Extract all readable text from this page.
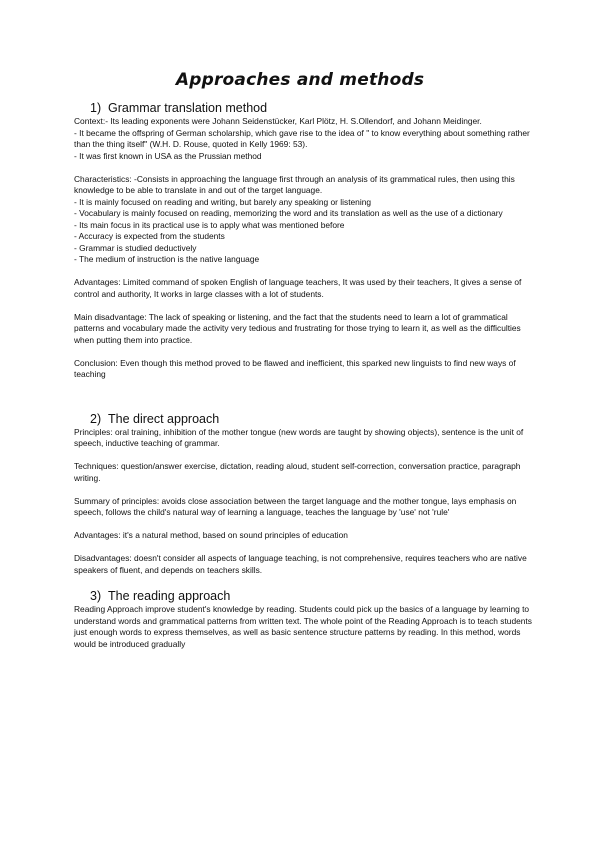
Approaches and methods
1) Grammar translation method

Context:- Its leading exponents were Johann Seidenstücker, Karl Plötz, H. S.Ollendorf, and Johann Meidinger.

- It became the offspring of German scholarship, which gave rise to the idea of " to know everything about something rather than the thing itself" (W.H. D. Rouse, quoted in Kelly 1969: 53).

- It was first known in USA as the Prussian method

Characteristics: -Consists in approaching the language first through an analysis of its grammatical rules, then using this knowledge to be able to translate in and out of the target language.

- It is mainly focused on reading and writing, but barely any speaking or listening

- Vocabulary is mainly focused on reading, memorizing the word and its translation as well as the use of a dictionary

- Its main focus in its practical use is to apply what was mentioned before

- Accuracy is expected from the students

- Grammar is studied deductively

- The medium of instruction is the native language

Advantages: Limited command of spoken English of language teachers, It was used by their teachers, It gives a sense of control and authority, It works in large classes with a lot of students.

Main disadvantage: The lack of speaking or listening, and the fact that the students need to learn a lot of grammatical patterns and vocabulary made the activity very tedious and frustrating for those trying to learn it, as well as the difficulties when putting them into practice.

Conclusion: Even though this method proved to be flawed and inefficient, this sparked new linguists to find new ways of teaching

2) The direct approach

Principles: oral training, inhibition of the mother tongue (new words are taught by showing objects), sentence is the unit of speech, inductive teaching of grammar.

Techniques: question/answer exercise, dictation, reading aloud, student self-correction, conversation practice, paragraph writing.

Summary of principles: avoids close association between the target language and the mother tongue, lays emphasis on speech, follows the child's natural way of learning a language, teaches the language by 'use' not 'rule'

Advantages: it's a natural method, based on sound principles of education

Disadvantages: doesn't consider all aspects of language teaching, is not comprehensive, requires teachers who are native speakers of fluent, and depends on teachers skills.

3) The reading approach

Reading Approach improve student's knowledge by reading. Students could pick up the basics of a language by learning to understand words and grammatical patterns from written text. The whole point of the Reading Approach is to teach students just enough words to express themselves, as well as basic sentence structure patterns by reading. In this method, words would be introduced gradually
